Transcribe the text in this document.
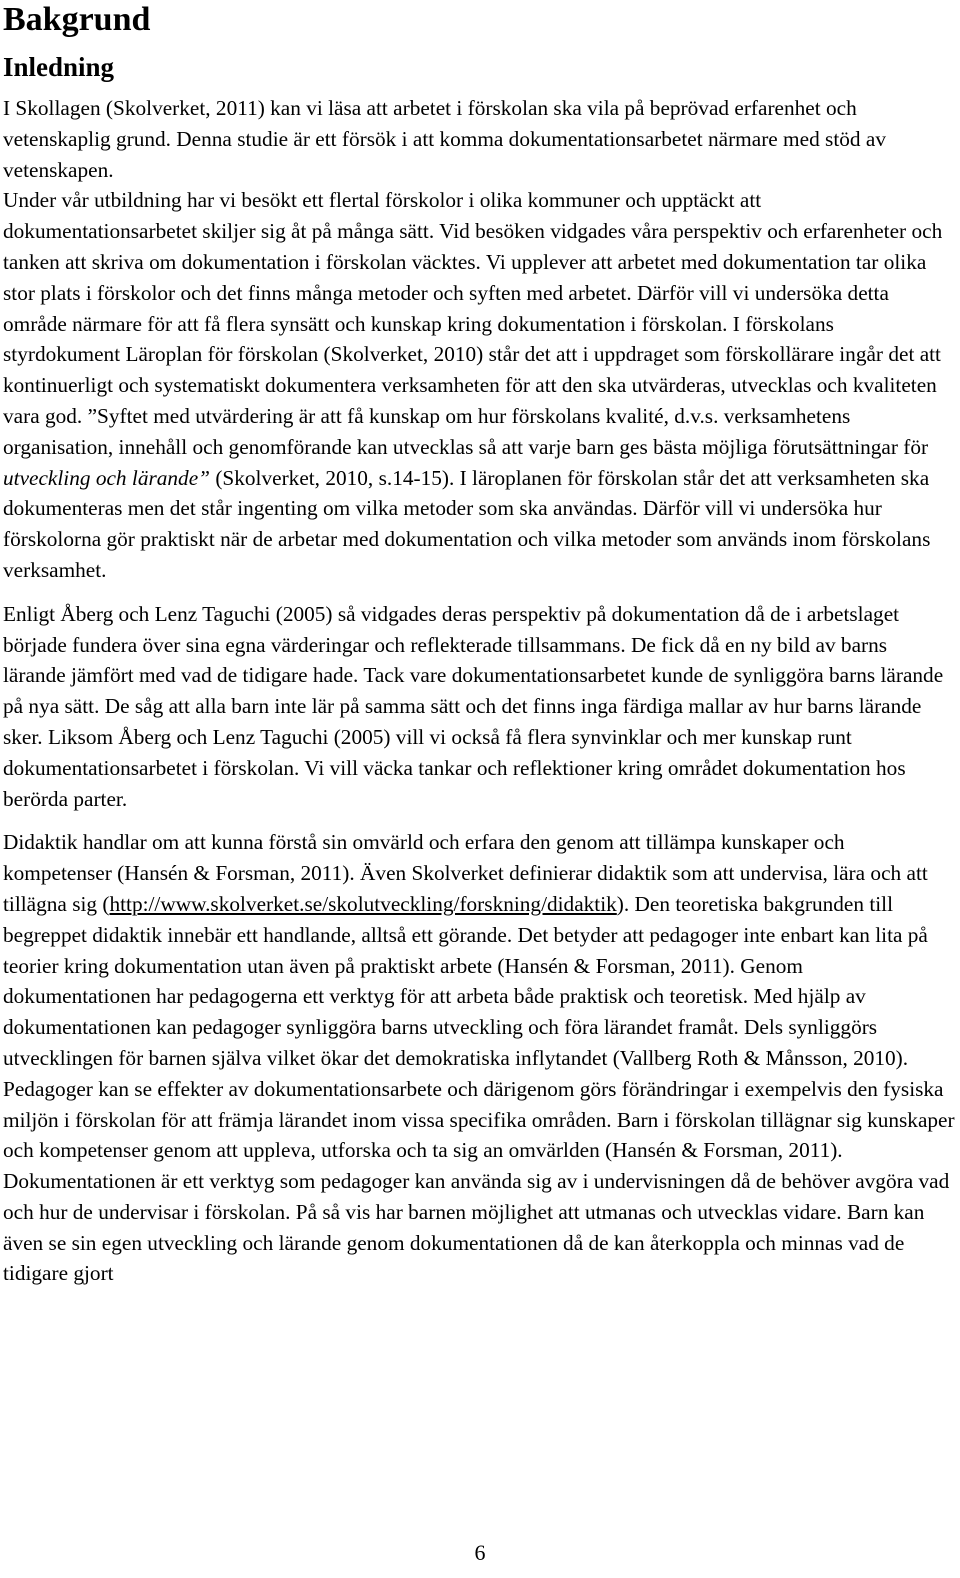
Bakgrund
Inledning

I Skollagen (Skolverket, 2011) kan vi läsa att arbetet i förskolan ska vila på beprövad erfarenhet och vetenskaplig grund. Denna studie är ett försök i att komma dokumentationsarbetet närmare med stöd av vetenskapen.

Under vår utbildning har vi besökt ett flertal förskolor i olika kommuner och upptäckt att dokumentationsarbetet skiljer sig åt på många sätt. Vid besöken vidgades våra perspektiv och erfarenheter och tanken att skriva om dokumentation i förskolan väcktes. Vi upplever att arbetet med dokumentation tar olika stor plats i förskolor och det finns många metoder och syften med arbetet. Därför vill vi undersöka detta område närmare för att få flera synsätt och kunskap kring dokumentation i förskolan. I förskolans styrdokument Läroplan för förskolan (Skolverket, 2010) står det att i uppdraget som förskollärare ingår det att kontinuerligt och systematiskt dokumentera verksamheten för att den ska utvärderas, utvecklas och kvaliteten vara god. ”Syftet med utvärdering är att få kunskap om hur förskolans kvalité, d.v.s. verksamhetens organisation, innehåll och genomförande kan utvecklas så att varje barn ges bästa möjliga förutsättningar för utveckling och lärande” (Skolverket, 2010, s.14-15). I läroplanen för förskolan står det att verksamheten ska dokumenteras men det står ingenting om vilka metoder som ska användas. Därför vill vi undersöka hur förskolorna gör praktiskt när de arbetar med dokumentation och vilka metoder som används inom förskolans verksamhet.

Enligt Åberg och Lenz Taguchi (2005) så vidgades deras perspektiv på dokumentation då de i arbetslaget började fundera över sina egna värderingar och reflekterade tillsammans. De fick då en ny bild av barns lärande jämfört med vad de tidigare hade. Tack vare dokumentationsarbetet kunde de synliggöra barns lärande på nya sätt. De såg att alla barn inte lär på samma sätt och det finns inga färdiga mallar av hur barns lärande sker. Liksom Åberg och Lenz Taguchi (2005) vill vi också få flera synvinklar och mer kunskap runt dokumentationsarbetet i förskolan. Vi vill väcka tankar och reflektioner kring området dokumentation hos berörda parter.

Didaktik handlar om att kunna förstå sin omvärld och erfara den genom att tillämpa kunskaper och kompetenser (Hansén & Forsman, 2011). Även Skolverket definierar didaktik som att undervisa, lära och att tillägna sig (http://www.skolverket.se/skolutveckling/forskning/didaktik). Den teoretiska bakgrunden till begreppet didaktik innebär ett handlande, alltså ett görande. Det betyder att pedagoger inte enbart kan lita på teorier kring dokumentation utan även på praktiskt arbete (Hansén & Forsman, 2011). Genom dokumentationen har pedagogerna ett verktyg för att arbeta både praktisk och teoretisk. Med hjälp av dokumentationen kan pedagoger synliggöra barns utveckling och föra lärandet framåt. Dels synliggörs utvecklingen för barnen själva vilket ökar det demokratiska inflytandet (Vallberg Roth & Månsson, 2010). Pedagoger kan se effekter av dokumentationsarbete och därigenom görs förändringar i exempelvis den fysiska miljön i förskolan för att främja lärandet inom vissa specifika områden. Barn i förskolan tillägnar sig kunskaper och kompetenser genom att uppleva, utforska och ta sig an omvärlden (Hansén & Forsman, 2011). Dokumentationen är ett verktyg som pedagoger kan använda sig av i undervisningen då de behöver avgöra vad och hur de undervisar i förskolan. På så vis har barnen möjlighet att utmanas och utvecklas vidare. Barn kan även se sin egen utveckling och lärande genom dokumentationen då de kan återkoppla och minnas vad de tidigare gjort

6
